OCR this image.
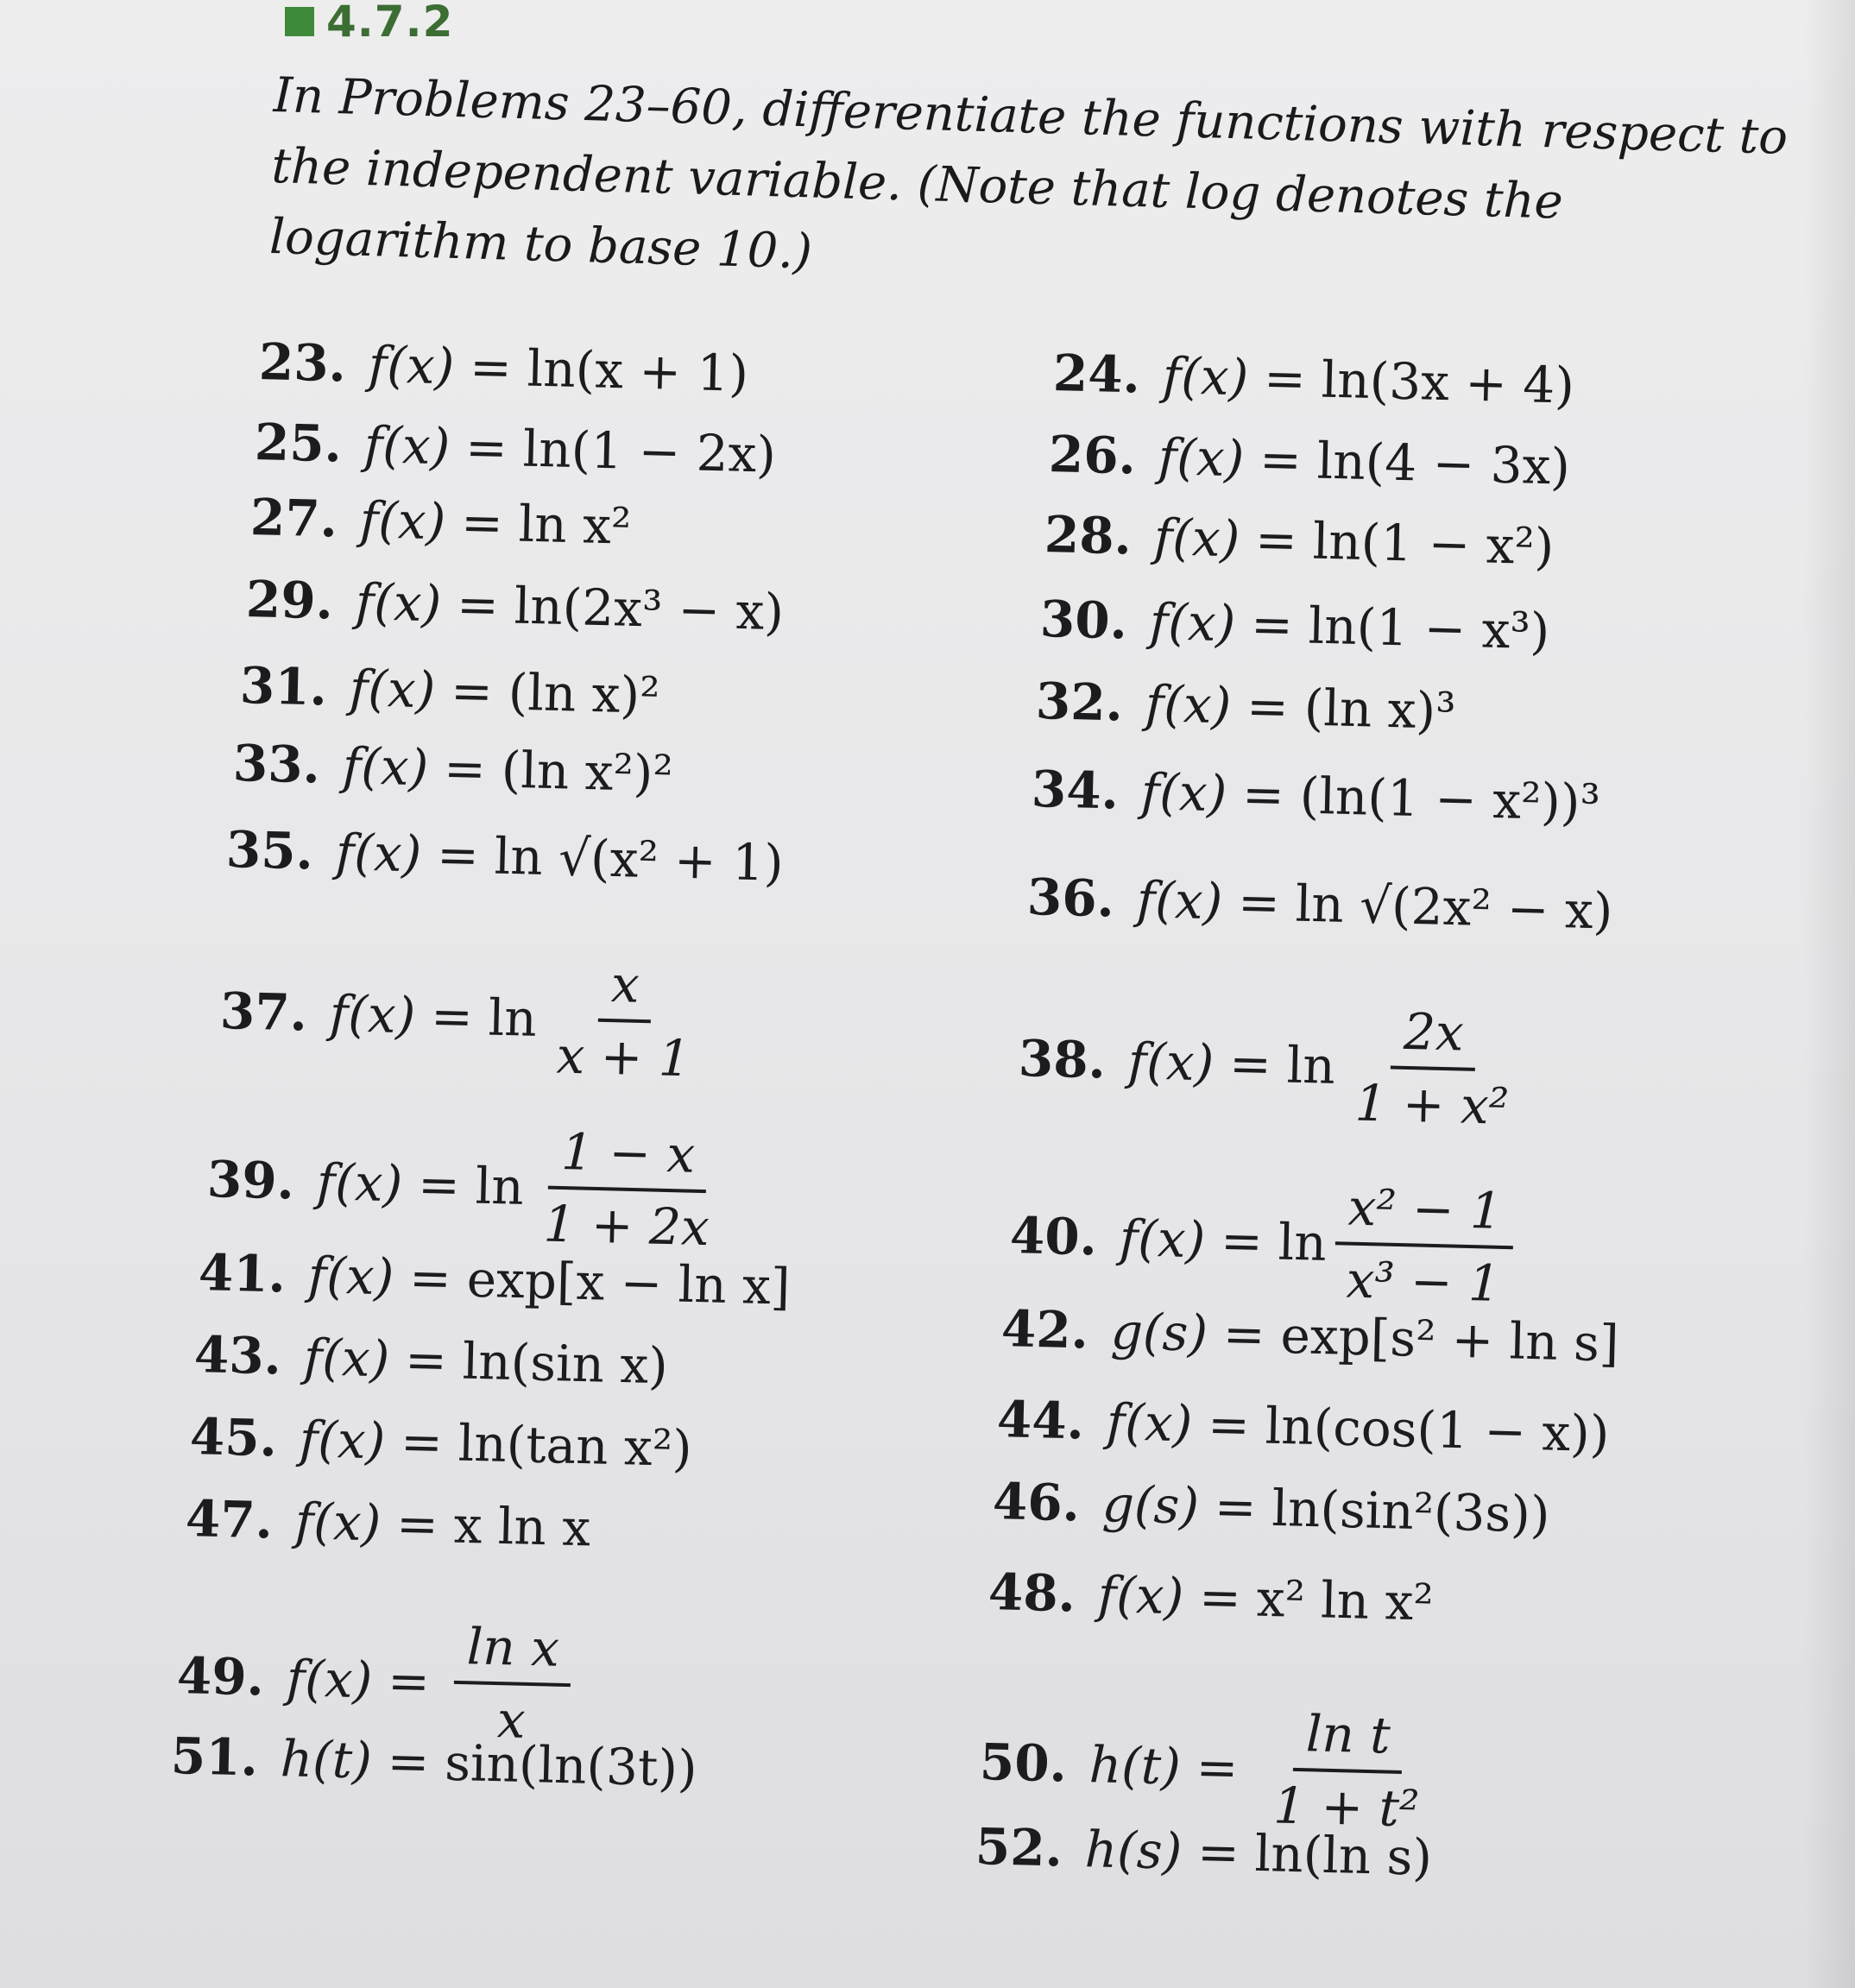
4.7.2
In Problems 23–60, differentiate the functions with respect to the independent variable. (Note that log denotes the logarithm to base 10.)
23. f(x) = ln(x + 1)	24. f(x) = ln(3x + 4)
25. f(x) = ln(1 − 2x)	26. f(x) = ln(4 − 3x)
27. f(x) = ln x²	28. f(x) = ln(1 − x²)
29. f(x) = ln(2x³ − x)	30. f(x) = ln(1 − x³)
31. f(x) = (ln x)²	32. f(x) = (ln x)³
33. f(x) = (ln x²)²	34. f(x) = (ln(1 − x²))³
35. f(x) = ln √(x² + 1)
36. f(x) = ln √(2x² − x)
37. $f(x) = \ln \frac{x}{x + 1}$	38. $f(x) = \ln \frac{2x}{\text{1 + x²}}$
39. $f(x) = \ln \frac{1 - x}{1 + 2x}$	40. $f(x) = \ln \frac{\text{x² − 1}}{\text{x³ − 1}}$
41. f(x) = exp[x − ln x]
42. g(s) = exp[s² + ln s]
43. f(x) = ln(sin x)
44. f(x) = ln(cos(1 − x))
45. f(x) = ln(tan x²)
46. g(s) = ln(sin²(3s))
47. f(x) = x ln x
48. f(x) = x² ln x²
49. $f(x) = \frac{\text{ln x}}{x}$
50. $h(t) = \frac{\text{ln t}}{\text{1 + t²}}$
51. h(t) = sin(ln(3t))
52. h(s) = ln(ln s)
